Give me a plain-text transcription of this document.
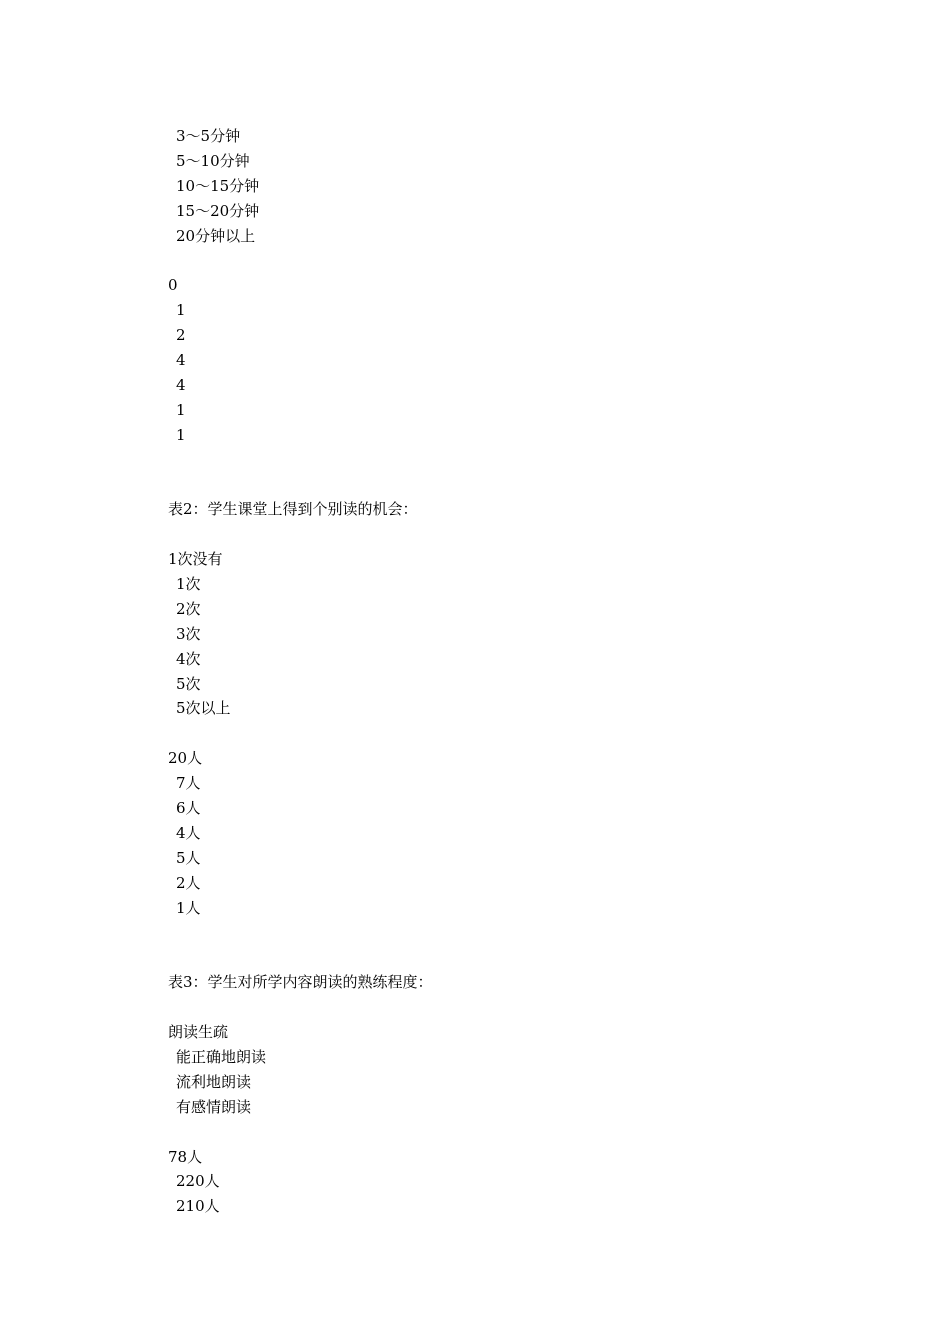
3～5分钟
5～10分钟
10～15分钟
15～20分钟
20分钟以上
0
1
2
4
4
1
1
表2：学生课堂上得到个别读的机会：
1次没有
1次
2次
3次
4次
5次
5次以上
20人
7人
6人
4人
5人
2人
1人
表3：学生对所学内容朗读的熟练程度：
朗读生疏
能正确地朗读
流利地朗读
有感情朗读
78人
220人
210人
